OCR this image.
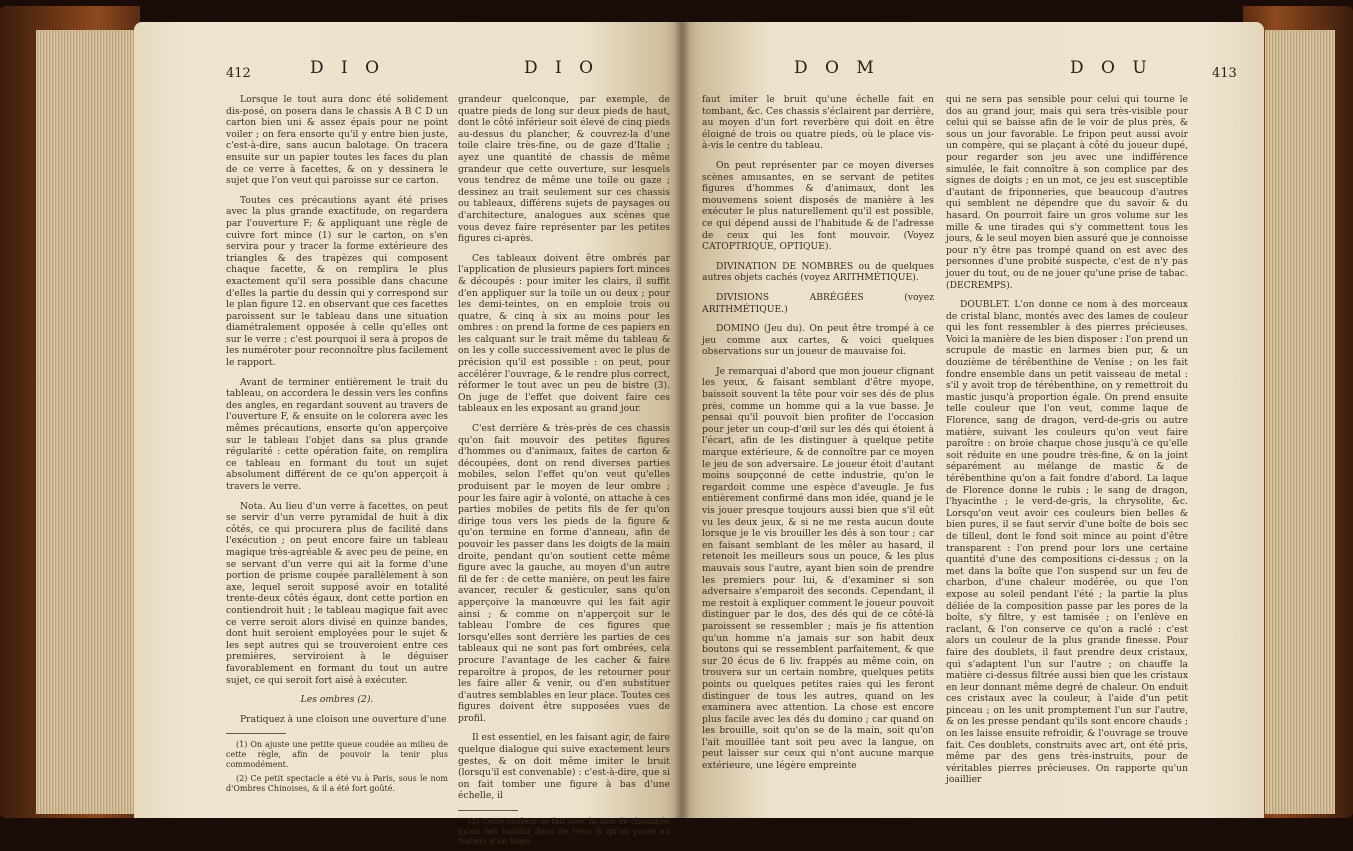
412	D I O	D I O

Lorsque le tout aura donc été solidement dis-posé, on posera dans le chassis A B C D un carton bien uni & assez épais pour ne point voiler ; on fera ensorte qu'il y entre bien juste, c'est-à-dire, sans aucun balotage. On tracera ensuite sur un papier toutes les faces du plan de ce verre à facettes, & on y dessinera le sujet que l'on veut qui paroisse sur ce carton.

Toutes ces précautions ayant été prises avec la plus grande exactitude, on regardera par l'ouverture F; & appliquant une règle de cuivre fort mince (1) sur le carton, on s'en servira pour y tracer la forme extérieure des triangles & des trapèzes qui composent chaque facette, & on remplira le plus exactement qu'il sera possible dans chacune d'elles la partie du dessin qui y correspond sur le plan figure 12. en observant que ces facettes paroissent sur le tableau dans une situation diamétralement opposée à celle qu'elles ont sur le verre ; c'est pourquoi il sera à propos de les numéroter pour reconnoître plus facilement le rapport.

Avant de terminer entièrement le trait du tableau, on accordera le dessin vers les confins des angles, en regardant souvent au travers de l'ouverture F, & ensuite on le colorera avec les mêmes précautions, ensorte qu'on apperçoive sur le tableau l'objet dans sa plus grande régularité : cette opération faite, on remplira ce tableau en formant du tout un sujet absolument différent de ce qu'on apperçoit à travers le verre.

Nota. Au lieu d'un verre à facettes, on peut se servir d'un verre pyramidal de huit à dix côtés, ce qui procurera plus de facilité dans l'exécution ; on peut encore faire un tableau magique très-agréable & avec peu de peine, en se servant d'un verre qui ait la forme d'une portion de prisme coupée parallèlement à son axe, lequel seroit supposé avoir en totalité trente-deux côtés égaux, dont cette portion en contiendroit huit ; le tableau magique fait avec ce verre seroit alors divisé en quinze bandes, dont huit seroient employées pour le sujet & les sept autres qui se trouveroient entre ces premières, serviroient à le déguiser favorablement en formant du tout un autre sujet, ce qui seroit fort aisé à exécuter.

Les ombres (2).

Pratiquez à une cloison une ouverture d'une

(1) On ajuste une petite queue coudée au milieu de cette règle, afin de pouvoir la tenir plus commodément.

(2) Ce petit spectacle a été vu à Paris, sous le nom d'Ombres Chinoises, & il a été fort goûté.

grandeur quelconque, par exemple, de quatre pieds de long sur deux pieds de haut, dont le côté inférieur soit élevé de cinq pieds au-dessus du plancher, & couvrez-la d'une toile claire très-fine, ou de gaze d'Italie ; ayez une quantité de chassis de même grandeur que cette ouverture, sur lesquels vous tendrez de même une toile ou gaze ; dessinez au trait seulement sur ces chassis ou tableaux, différens sujets de paysages ou d'architecture, analogues aux scènes que vous devez faire représenter par les petites figures ci-après.

Ces tableaux doivent être ombrés par l'application de plusieurs papiers fort minces & découpés : pour imiter les clairs, il suffit d'en appliquer sur la toile un ou deux ; pour les demi-teintes, on en emploie trois ou quatre, & cinq à six au moins pour les ombres : on prend la forme de ces papiers en les calquant sur le trait même du tableau & on les y colle successivement avec le plus de précision qu'il est possible : on peut, pour accélérer l'ouvrage, & le rendre plus correct, réformer le tout avec un peu de bistre (3). On juge de l'effet que doivent faire ces tableaux en les exposant au grand jour.

C'est derrière & très-près de ces chassis qu'on fait mouvoir des petites figures d'hommes ou d'animaux, faites de carton & découpées, dont on rend diverses parties mobiles, selon l'effet qu'on veut qu'elles produisent par le moyen de leur ombre ; pour les faire agir à volonté, on attache à ces parties mobiles de petits fils de fer qu'on dirige tous vers les pieds de la figure & qu'on termine en forme d'anneau, afin de pouvoir les passer dans les doigts de la main droite, pendant qu'on soutient cette même figure avec la gauche, au moyen d'un autre fil de fer : de cette manière, on peut les faire avancer, reculer & gesticuler, sans qu'on apperçoive la manœuvre qui les fait agir ainsi ; & comme on n'apperçoit sur le tableau l'ombre de ces figures que lorsqu'elles sont derrière les parties de ces tableaux qui ne sont pas fort ombrées, cela procure l'avantage de les cacher & faire reparoître à propos, de les retourner pour les faire aller & venir, ou d'en substituer d'autres semblables en leur place. Toutes ces figures doivent être supposées vues de profil.

Il est essentiel, en les faisant agir, de faire quelque dialogue qui suive exactement leurs gestes, & on doit même imiter le bruit (lorsqu'il est convenable) : c'est-à-dire, que si on fait tomber une figure à bas d'une échelle, il

(3) Cette couleur se fait avec la suie de cheminée qu'on fait bouillir dans de l'eau & qu'on passe au travers d'un linge.

D O M	D O U	413

faut imiter le bruit qu'une échelle fait en tombant, &c. Ces chassis s'éclairent par derrière, au moyen d'un fort reverbère qui doit en être éloigné de trois ou quatre pieds, où le place vis-à-vis le centre du tableau.

On peut représenter par ce moyen diverses scènes amusantes, en se servant de petites figures d'hommes & d'animaux, dont les mouvemens soient disposés de manière à les exécuter le plus naturellement qu'il est possible, ce qui dépend aussi de l'habitude & de l'adresse de ceux qui les font mouvoir. (Voyez CATOPTRIQUE, OPTIQUE).

DIVINATION DE NOMBRES ou de quelques autres objets cachés (voyez ARITHMÉTIQUE).

DIVISIONS ABRÉGÉES (voyez ARITHMÉTIQUE.)

DOMINO (Jeu du). On peut être trompé à ce jeu comme aux cartes, & voici quelques observations sur un joueur de mauvaise foi.

Je remarquai d'abord que mon joueur clignant les yeux, & faisant semblant d'être myope, baissoit souvent la tête pour voir ses dés de plus près, comme un homme qui a la vue basse. Je pensai qu'il pouvoit bien profiter de l'occasion pour jeter un coup-d'œil sur les dés qui étoient à l'écart, afin de les distinguer à quelque petite marque extérieure, & de connoître par ce moyen le jeu de son adversaire. Le joueur étoit d'autant moins soupçonné de cette industrie, qu'on le regardoit comme une espèce d'aveugle. Je fus entièrement confirmé dans mon idée, quand je le vis jouer presque toujours aussi bien que s'il eût vu les deux jeux, & si ne me resta aucun doute lorsque je le vis brouiller les dés à son tour ; car en faisant semblant de les mêler au hasard, il retenoit les meilleurs sous un pouce, & les plus mauvais sous l'autre, ayant bien soin de prendre les premiers pour lui, & d'examiner si son adversaire s'emparoit des seconds. Cependant, il me restoit à expliquer comment le joueur pouvoit distinguer par le dos, des dés qui de ce côté-là paroissent se ressembler ; mais je fis attention qu'un homme n'a jamais sur son habit deux boutons qui se ressemblent parfaitement, & que sur 20 écus de 6 liv. frappés au même coin, on trouvera sur un certain nombre, quelques petits points ou quelques petites raies qui les feront distinguer de tous les autres, quand on les examinera avec attention. La chose est encore plus facile avec les dés du domino ; car quand on les brouille, soit qu'on se de la main, soit qu'on l'ait mouillée tant soit peu avec la langue, on peut laisser sur ceux qui n'ont aucune marque extérieure, une légère empreinte

qui ne sera pas sensible pour celui qui tourne le dos au grand jour, mais qui sera très-visible pour celui qui se baisse afin de le voir de plus près, & sous un jour favorable. Le fripon peut aussi avoir un compère, qui se plaçant à côté du joueur dupé, pour regarder son jeu avec une indifférence simulée, le fait connoître à son complice par des signes de doigts ; en un mot, ce jeu est susceptible d'autant de friponneries, que beaucoup d'autres qui semblent ne dépendre que du savoir & du hasard. On pourroit faire un gros volume sur les mille & une tirades qui s'y commettent tous les jours, & le seul moyen bien assuré que je connoisse pour n'y être pas trompé quand on est avec des personnes d'une probité suspecte, c'est de n'y pas jouer du tout, ou de ne jouer qu'une prise de tabac. (DECREMPS).

DOUBLET. L'on donne ce nom à des morceaux de cristal blanc, montés avec des lames de couleur qui les font ressembler à des pierres précieuses. Voici la manière de les bien disposer : l'on prend un scrupule de mastic en larmes bien pur, & un douzième de térébenthine de Venise ; on les fait fondre ensemble dans un petit vaisseau de metal : s'il y avoit trop de térébenthine, on y remettroit du mastic jusqu'à proportion égale. On prend ensuite telle couleur que l'on veut, comme laque de Florence, sang de dragon, verd-de-gris ou autre matière, suivant les couleurs qu'on veut faire paroître : on broie chaque chose jusqu'à ce qu'elle soit réduite en une poudre très-fine, & on la joint séparément au mélange de mastic & de térébenthine qu'on a fait fondre d'abord. La laque de Florence donne le rubis ; le sang de dragon, l'hyacinthe ; le verd-de-gris, la chrysolite, &c. Lorsqu'on veut avoir ces couleurs bien belles & bien pures, il se faut servir d'une boîte de bois sec de tilleul, dont le fond soit mince au point d'être transparent : l'on prend pour lors une certaine quantité d'une des compositions ci-dessus ; on la met dans la boîte que l'on suspend sur un feu de charbon, d'une chaleur modérée, ou que l'on expose au soleil pendant l'été ; la partie la plus déliée de la composition passe par les pores de la boîte, s'y filtre, y est tamisée ; on l'enlève en raclant, & l'on conserve ce qu'on a raclé : c'est alors un couleur de la plus grande finesse. Pour faire des doublets, il faut prendre deux cristaux, qui s'adaptent l'un sur l'autre ; on chauffe la matière ci-dessus filtrée aussi bien que les cristaux en leur donnant même degré de chaleur. On enduit ces cristaux avec la couleur, à l'aide d'un petit pinceau ; on les unit promptement l'un sur l'autre, & on les presse pendant qu'ils sont encore chauds ; on les laisse ensuite refroidir, & l'ouvrage se trouve fait. Ces doublets, construits avec art, ont été pris, même par des gens très-instruits, pour de véritables pierres précieuses. On rapporte qu'un joaillier
